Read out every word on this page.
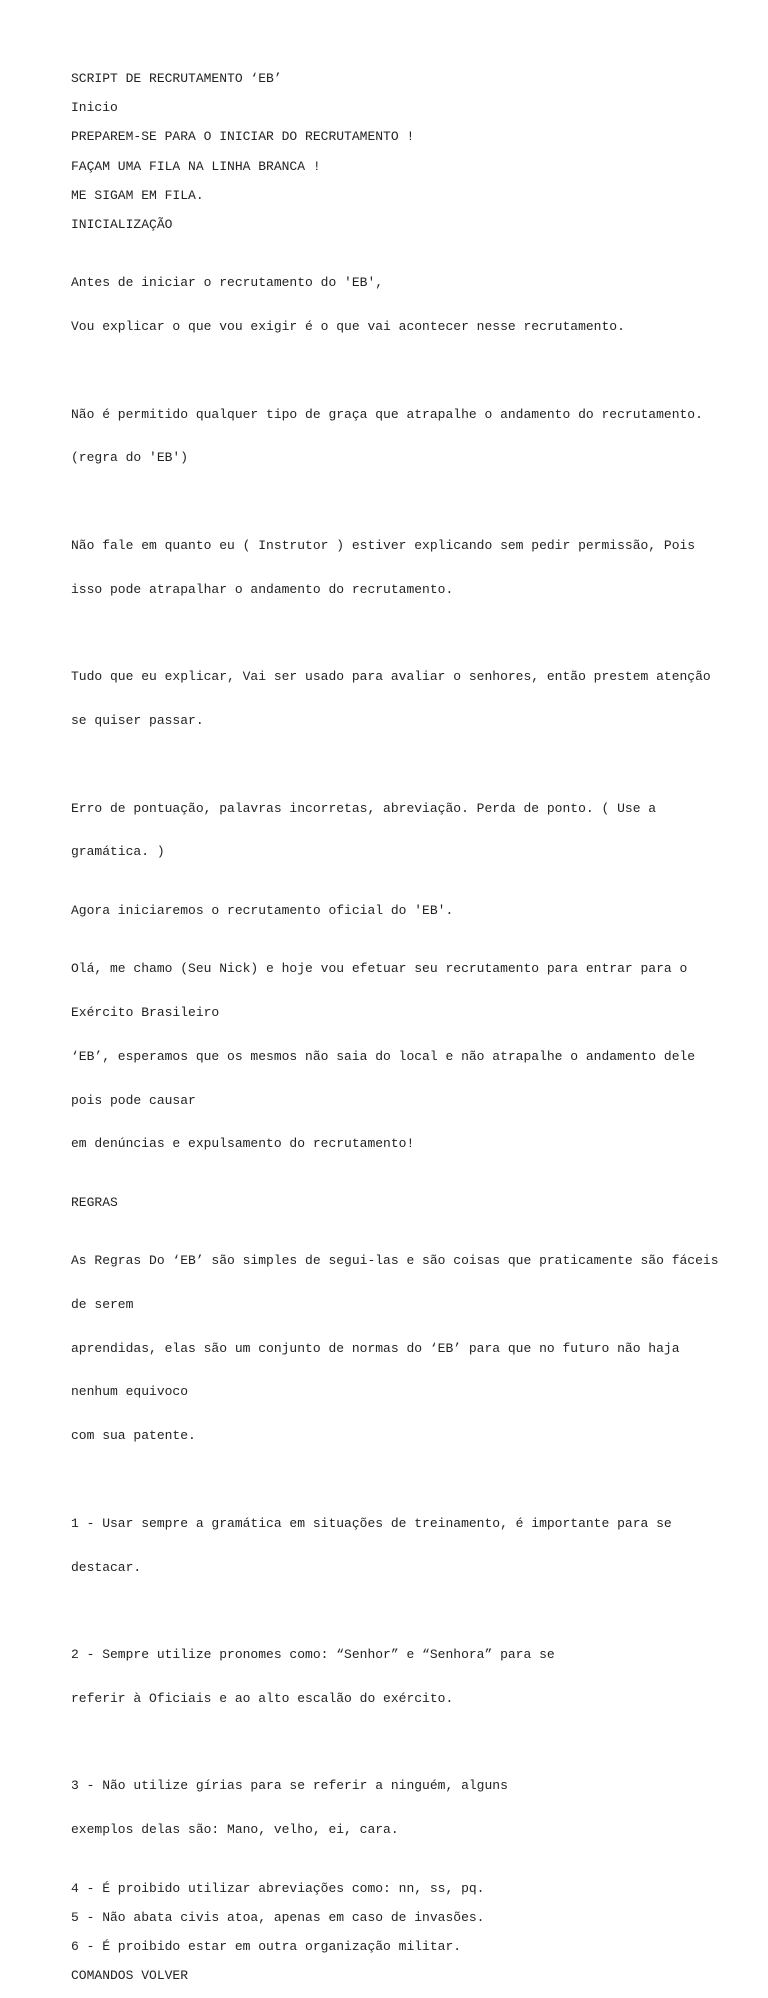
SCRIPT DE RECRUTAMENTO ‘EB’
Inicio
PREPAREM-SE PARA O INICIAR DO RECRUTAMENTO !
FAÇAM UMA FILA NA LINHA BRANCA !
ME SIGAM EM FILA.
INICIALIZAÇÃO

Antes de iniciar o recrutamento do 'EB',

Vou explicar o que vou exigir é o que vai acontecer nesse recrutamento.

Não é permitido qualquer tipo de graça que atrapalhe o andamento do recrutamento.

(regra do 'EB')

Não fale em quanto eu ( Instrutor ) estiver explicando sem pedir permissão, Pois

isso pode atrapalhar o andamento do recrutamento.

Tudo que eu explicar, Vai ser usado para avaliar o senhores, então prestem atenção

se quiser passar.

Erro de pontuação, palavras incorretas, abreviação. Perda de ponto. ( Use a

gramática. )

Agora iniciaremos o recrutamento oficial do 'EB'.

Olá, me chamo (Seu Nick) e hoje vou efetuar seu recrutamento para entrar para o

Exército Brasileiro

‘EB’, esperamos que os mesmos não saia do local e não atrapalhe o andamento dele

pois pode causar

em denúncias e expulsamento do recrutamento!

REGRAS

As Regras Do ‘EB’ são simples de segui-las e são coisas que praticamente são fáceis

de serem

aprendidas, elas são um conjunto de normas do ‘EB’ para que no futuro não haja

nenhum equivoco

com sua patente.

1 - Usar sempre a gramática em situações de treinamento, é importante para se

destacar.

2 - Sempre utilize pronomes como: “Senhor” e “Senhora” para se

referir à Oficiais e ao alto escalão do exército.

3 - Não utilize gírias para se referir a ninguém, alguns

exemplos delas são: Mano, velho, ei, cara.

4 - É proibido utilizar abreviações como: nn, ss, pq.
5 - Não abata civis atoa, apenas em caso de invasões.
6 - É proibido estar em outra organização militar.
COMANDOS VOLVER
